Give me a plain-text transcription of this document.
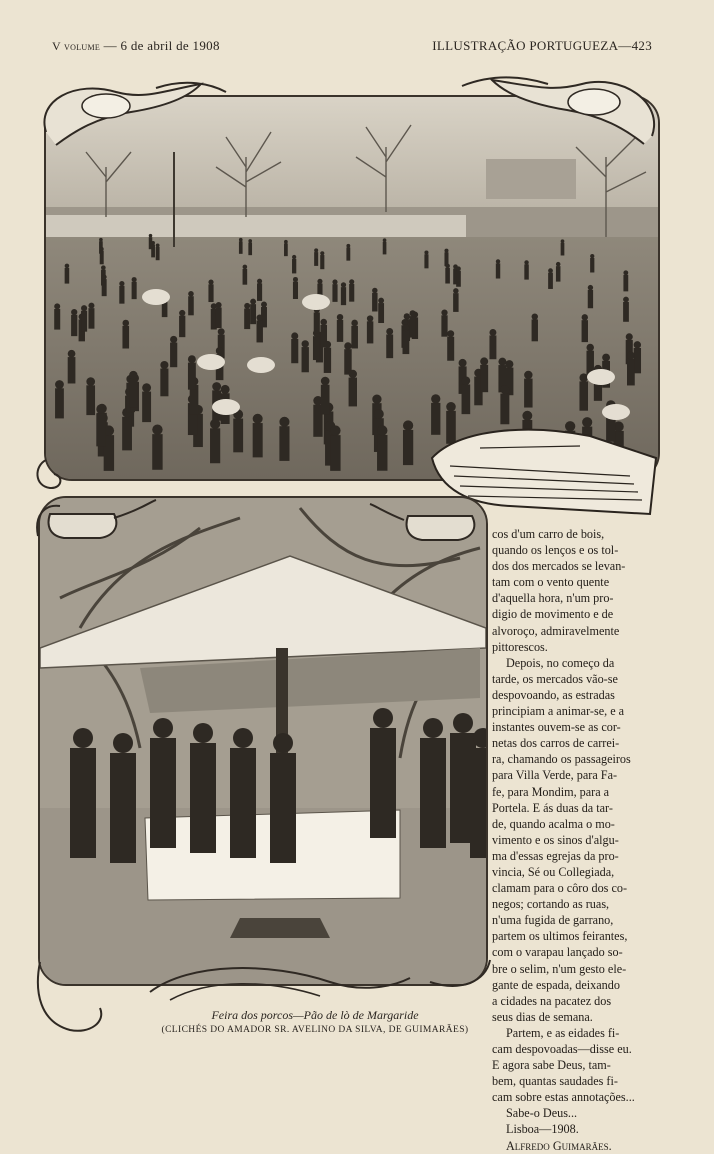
V volume — 6 de abril de 1908	ILLUSTRAÇÃO PORTUGUEZA—423
Feira dos porcos—Pão de lò de Margaride
(CLICHÉS DO AMADOR SR. AVELINO DA SILVA, DE GUIMARÃES)

cos d'um carro de bois,
quando os lenços e os tol-
dos dos mercados se levan-
tam com o vento quente
d'aquella hora, n'um pro-
digio de movimento e de
alvoroço, admiravelmente
pittorescos.

Depois, no começo da
tarde, os mercados vão-se
despovoando, as estradas
principiam a animar-se, e a
instantes ouvem-se as cor-
netas dos carros de carrei-
ra, chamando os passageiros
para Villa Verde, para Fa-
fe, para Mondim, para a
Portela. E ás duas da tar-
de, quando acalma o mo-
vimento e os sinos d'algu-
ma d'essas egrejas da pro-
vincia, Sé ou Collegiada,
clamam para o côro dos co-
negos; cortando as ruas,
n'uma fugida de garrano,
partem os ultimos feirantes,
com o varapau lançado so-
bre o selim, n'um gesto ele-
gante de espada, deixando
a cidades na pacatez dos
seus dias de semana.

Partem, e as eidades fi-
cam despovoadas—disse eu.
E agora sabe Deus, tam-
bem, quantas saudades fi-
cam sobre estas annotações...

Sabe-o Deus...

Lisboa—1908.

Alfredo Guimarães.
